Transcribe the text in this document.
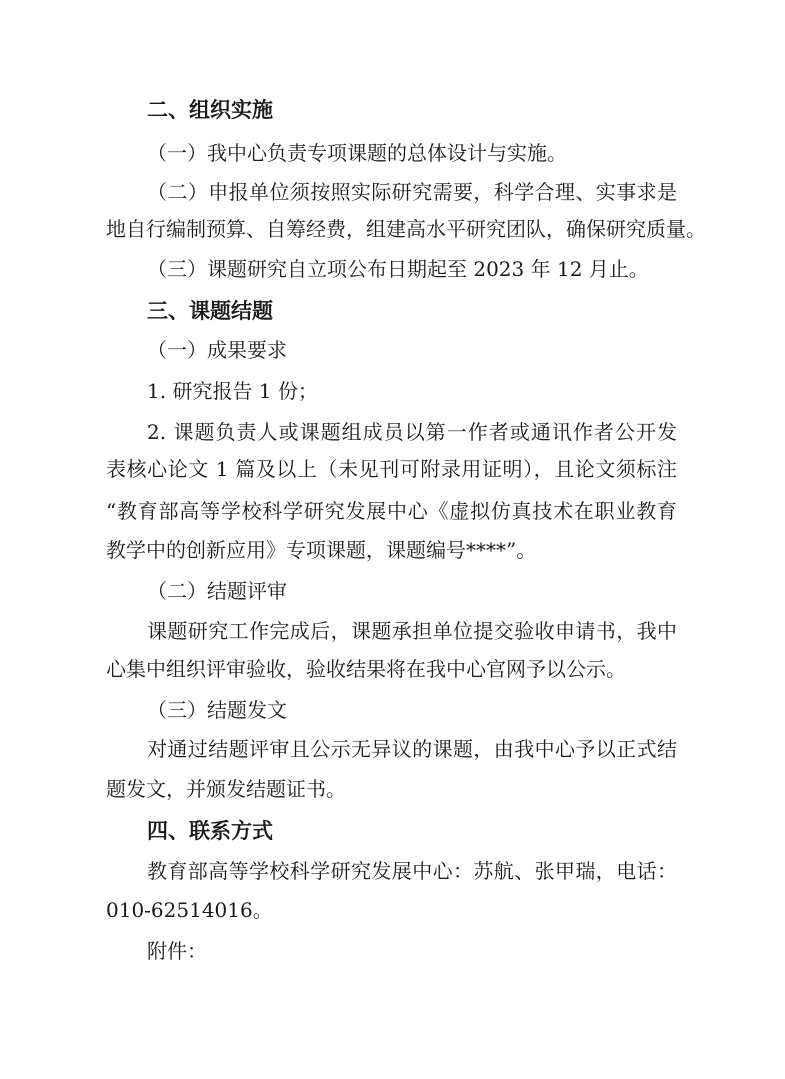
二、组织实施
（一）我中心负责专项课题的总体设计与实施。
（二）申报单位须按照实际研究需要，科学合理、实事求是
地自行编制预算、自筹经费，组建高水平研究团队，确保研究质量。
（三）课题研究自立项公布日期起至 2023 年 12 月止。
三、课题结题
（一）成果要求
1. 研究报告 1 份；
2. 课题负责人或课题组成员以第一作者或通讯作者公开发
表核心论文 1 篇及以上（未见刊可附录用证明），且论文须标注
“教育部高等学校科学研究发展中心《虚拟仿真技术在职业教育
教学中的创新应用》专项课题，课题编号****”。
（二）结题评审
课题研究工作完成后，课题承担单位提交验收申请书，我中
心集中组织评审验收，验收结果将在我中心官网予以公示。
（三）结题发文
对通过结题评审且公示无异议的课题，由我中心予以正式结
题发文，并颁发结题证书。
四、联系方式
教育部高等学校科学研究发展中心：苏航、张甲瑞，电话：
010-62514016。
附件：
